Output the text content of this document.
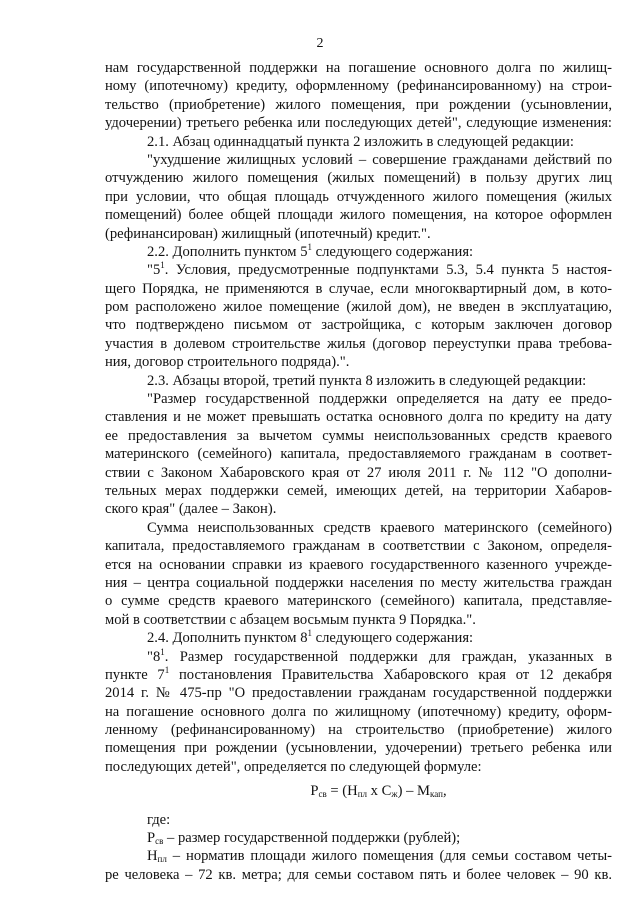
2
нам государственной поддержки на погашение основного долга по жилищ-
ному (ипотечному) кредиту, оформленному (рефинансированному) на строи-
тельство (приобретение) жилого помещения, при рождении (усыновлении,
удочерении) третьего ребенка или последующих детей", следующие изменения:
2.1. Абзац одиннадцатый пункта 2 изложить в следующей редакции:
"ухудшение жилищных условий – совершение гражданами действий по
отчуждению жилого помещения (жилых помещений) в пользу других лиц
при условии, что общая площадь отчужденного жилого помещения (жилых
помещений) более общей площади жилого помещения, на которое оформлен
(рефинансирован) жилищный (ипотечный) кредит.".
2.2. Дополнить пунктом $5^1$ следующего содержания:
"$5^1$. Условия, предусмотренные подпунктами 5.3, 5.4 пункта 5 настоя-
щего Порядка, не применяются в случае, если многоквартирный дом, в кото-
ром расположено жилое помещение (жилой дом), не введен в эксплуатацию,
что подтверждено письмом от застройщика, с которым заключен договор
участия в долевом строительстве жилья (договор переуступки права требова-
ния, договор строительного подряда).".
2.3. Абзацы второй, третий пункта 8 изложить в следующей редакции:
"Размер государственной поддержки определяется на дату ее предо-
ставления и не может превышать остатка основного долга по кредиту на дату
ее предоставления за вычетом суммы неиспользованных средств краевого
материнского (семейного) капитала, предоставляемого гражданам в соответ-
ствии с Законом Хабаровского края от 27 июля 2011 г. № 112 "О дополни-
тельных мерах поддержки семей, имеющих детей, на территории Хабаров-
ского края" (далее – Закон).
Сумма неиспользованных средств краевого материнского (семейного)
капитала, предоставляемого гражданам в соответствии с Законом, определя-
ется на основании справки из краевого государственного казенного учрежде-
ния – центра социальной поддержки населения по месту жительства граждан
о сумме средств краевого материнского (семейного) капитала, представляе-
мой в соответствии с абзацем восьмым пункта 9 Порядка.".
2.4. Дополнить пунктом $8^1$ следующего содержания:
"$8^1$. Размер государственной поддержки для граждан, указанных в
пункте $7^1$ постановления Правительства Хабаровского края от 12 декабря
2014 г. № 475-пр "О предоставлении гражданам государственной поддержки
на погашение основного долга по жилищному (ипотечному) кредиту, оформ-
ленному (рефинансированному) на строительство (приобретение) жилого
помещения при рождении (усыновлении, удочерении) третьего ребенка или
последующих детей", определяется по следующей формуле:
$P_{св} = (H_{пл}$ х $С_ж) - М_{кап}$,
где:
$P_{св}$ – размер государственной поддержки (рублей);
$H_{пл}$ – норматив площади жилого помещения (для семьи составом четы-
ре человека – 72 кв. метра; для семьи составом пять и более человек – 90 кв.
